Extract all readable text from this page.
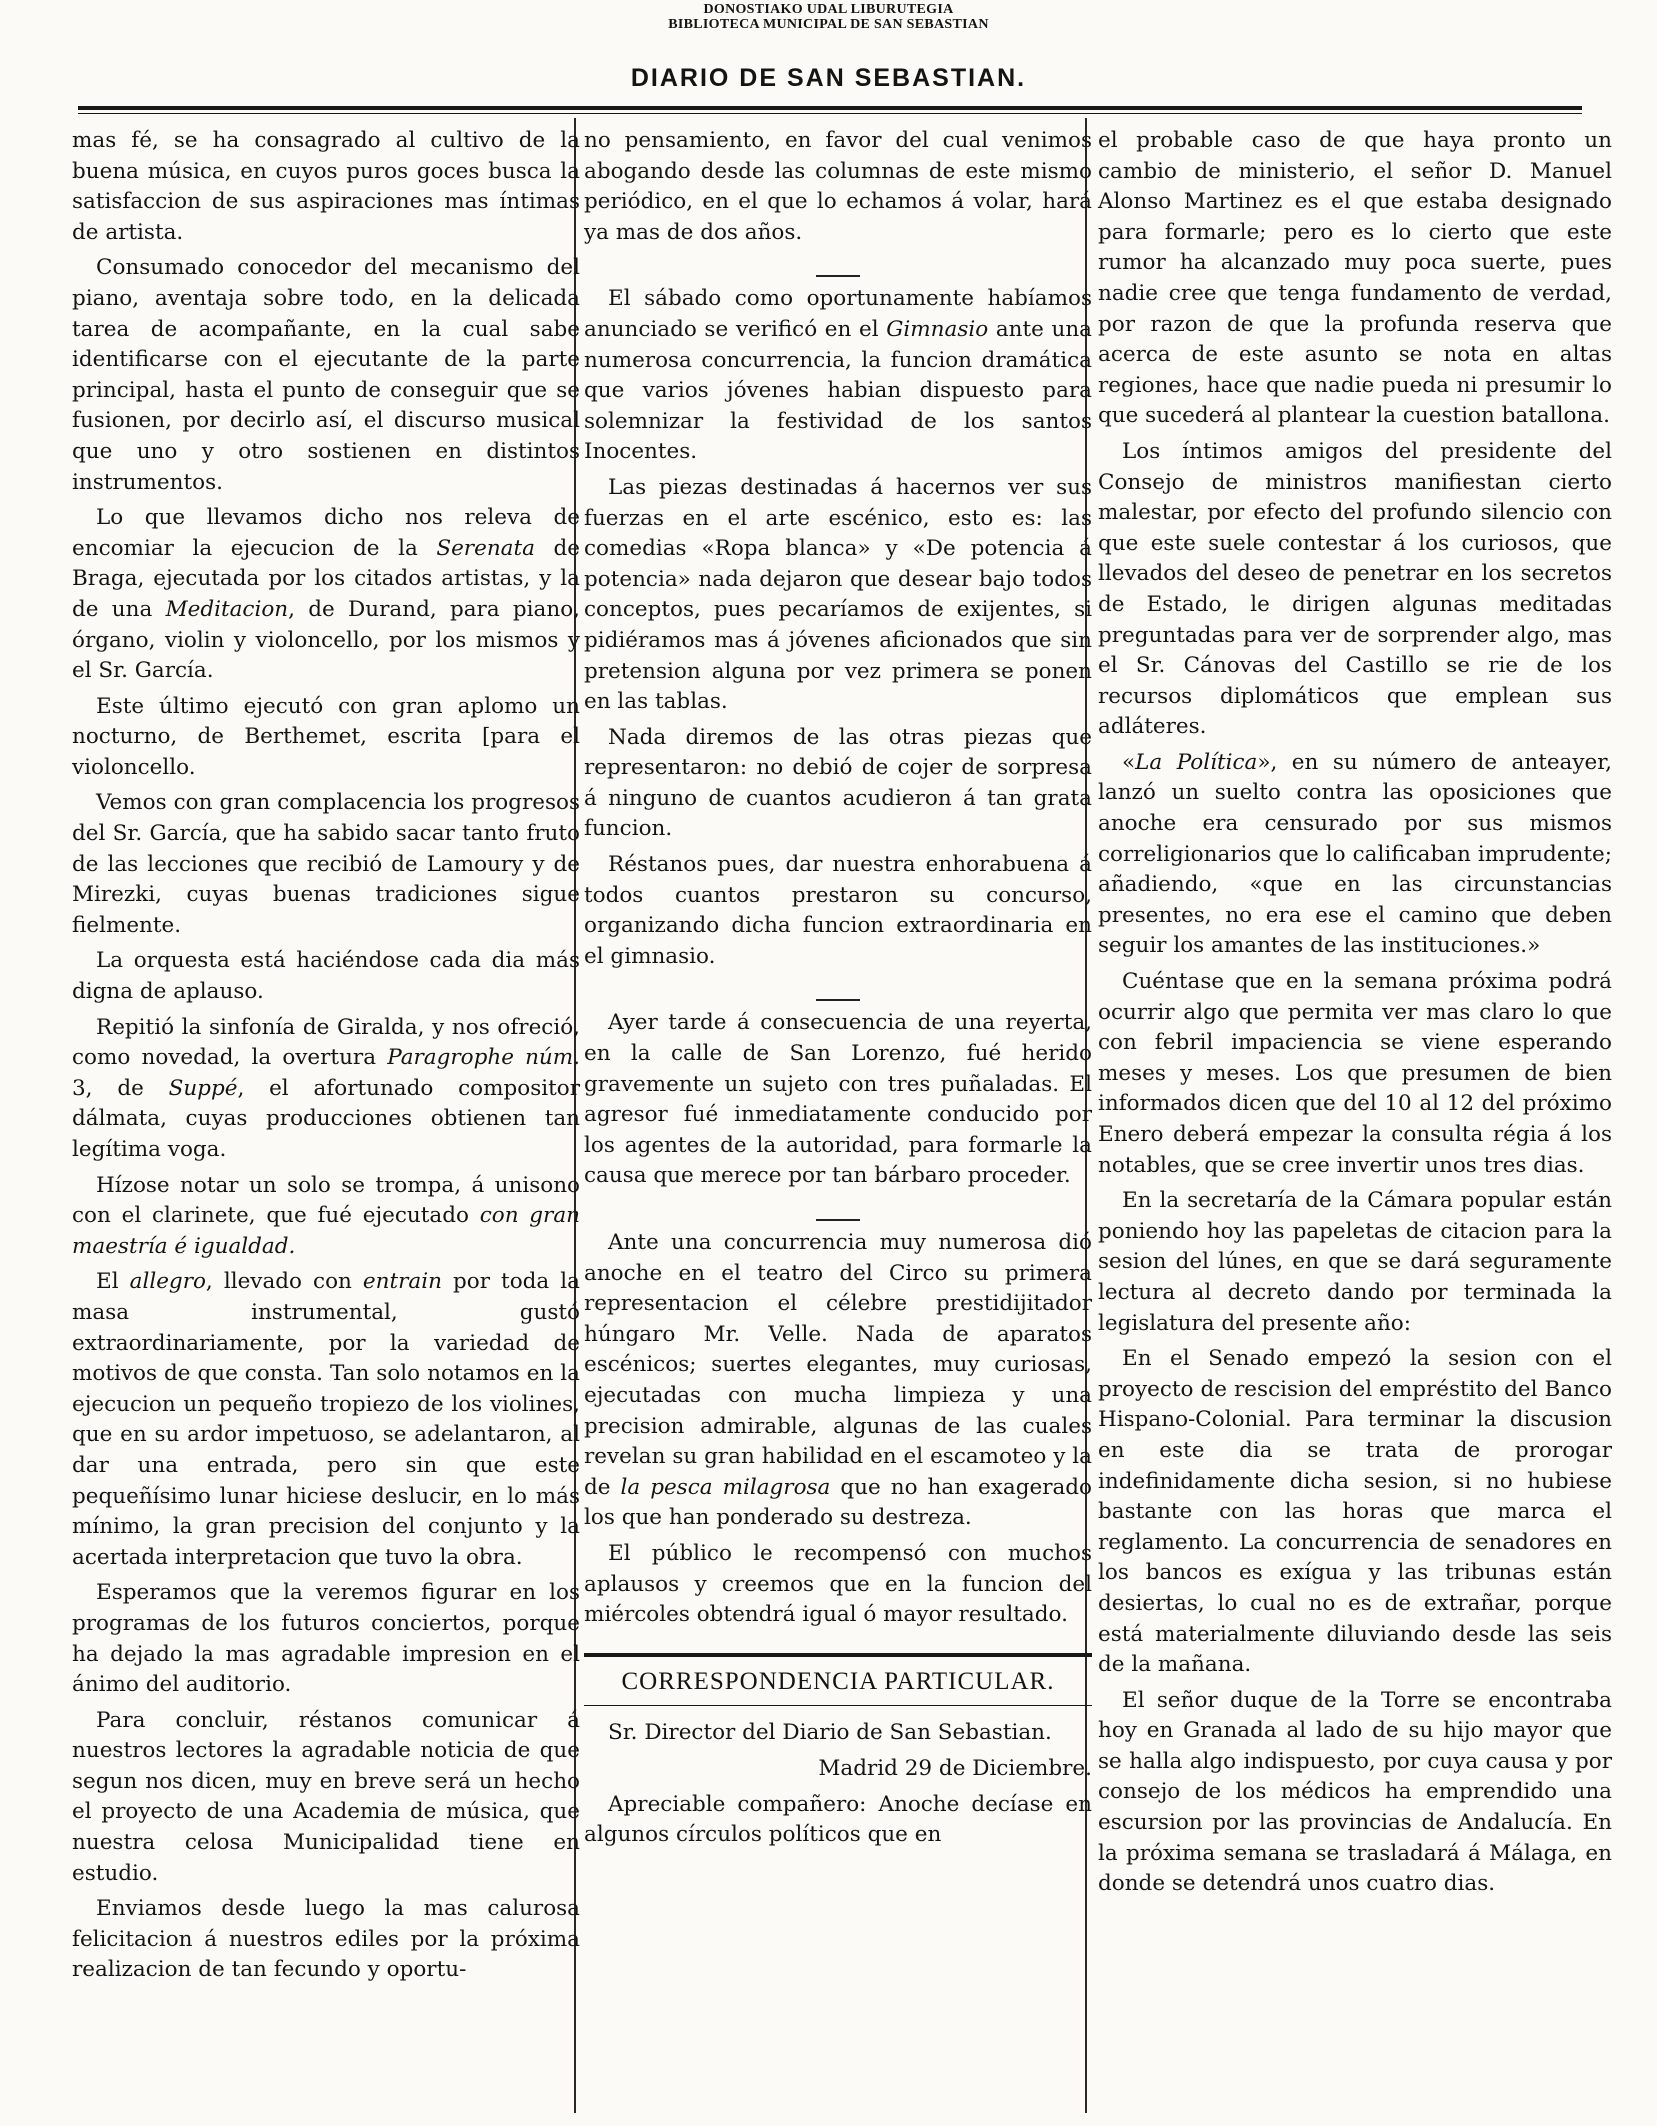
DONOSTIAKO UDAL LIBURUTEGIA
BIBLIOTECA MUNICIPAL DE SAN SEBASTIAN
DIARIO DE SAN SEBASTIAN.

mas fé, se ha consagrado al cultivo de la buena música, en cuyos puros goces busca la satisfaccion de sus aspiraciones mas íntimas de artista.

Consumado conocedor del mecanismo del piano, aventaja sobre todo, en la delicada tarea de acompañante, en la cual sabe identificarse con el ejecutante de la parte principal, hasta el punto de conseguir que se fusionen, por decirlo así, el discurso musical que uno y otro sostienen en distintos instrumentos.

Lo que llevamos dicho nos releva de encomiar la ejecucion de la Serenata de Braga, ejecutada por los citados artistas, y la de una Meditacion, de Durand, para piano, órgano, violin y violoncello, por los mismos y el Sr. García.

Este último ejecutó con gran aplomo un nocturno, de Berthemet, escrita [para el violoncello.

Vemos con gran complacencia los progresos del Sr. García, que ha sabido sacar tanto fruto de las lecciones que recibió de Lamoury y de Mirezki, cuyas buenas tradiciones sigue fielmente.

La orquesta está haciéndose cada dia más digna de aplauso.

Repitió la sinfonía de Giralda, y nos ofreció, como novedad, la overtura Paragrophe núm. 3, de Suppé, el afortunado compositor dálmata, cuyas producciones obtienen tan legítima voga.

Hízose notar un solo se trompa, á unisono con el clarinete, que fué ejecutado con gran maestría é igualdad.

El allegro, llevado con entrain por toda la masa instrumental, gustó extraordinariamente, por la variedad de motivos de que consta. Tan solo notamos en la ejecucion un pequeño tropiezo de los violines, que en su ardor impetuoso, se adelantaron, al dar una entrada, pero sin que este pequeñísimo lunar hiciese deslucir, en lo más mínimo, la gran precision del conjunto y la acertada interpretacion que tuvo la obra.

Esperamos que la veremos figurar en los programas de los futuros conciertos, porque ha dejado la mas agradable impresion en el ánimo del auditorio.

Para concluir, réstanos comunicar á nuestros lectores la agradable noticia de que segun nos dicen, muy en breve será un hecho el proyecto de una Academia de música, que nuestra celosa Municipalidad tiene en estudio.

Enviamos desde luego la mas calurosa felicitacion á nuestros ediles por la próxima realizacion de tan fecundo y oportu-

no pensamiento, en favor del cual venimos abogando desde las columnas de este mismo periódico, en el que lo echamos á volar, hará ya mas de dos años.

El sábado como oportunamente habíamos anunciado se verificó en el Gimnasio ante una numerosa concurrencia, la funcion dramática que varios jóvenes habian dispuesto para solemnizar la festividad de los santos Inocentes.

Las piezas destinadas á hacernos ver sus fuerzas en el arte escénico, esto es: las comedias «Ropa blanca» y «De potencia á potencia» nada dejaron que desear bajo todos conceptos, pues pecaríamos de exijentes, si pidiéramos mas á jóvenes aficionados que sin pretension alguna por vez primera se ponen en las tablas.

Nada diremos de las otras piezas que representaron: no debió de cojer de sorpresa á ninguno de cuantos acudieron á tan grata funcion.

Réstanos pues, dar nuestra enhorabuena á todos cuantos prestaron su concurso, organizando dicha funcion extraordinaria en el gimnasio.

Ayer tarde á consecuencia de una reyerta, en la calle de San Lorenzo, fué herido gravemente un sujeto con tres puñaladas. El agresor fué inmediatamente conducido por los agentes de la autoridad, para formarle la causa que merece por tan bárbaro proceder.

Ante una concurrencia muy numerosa dió anoche en el teatro del Circo su primera representacion el célebre prestidijitador húngaro Mr. Velle. Nada de aparatos escénicos; suertes elegantes, muy curiosas, ejecutadas con mucha limpieza y una precision admirable, algunas de las cuales revelan su gran habilidad en el escamoteo y la de la pesca milagrosa que no han exagerado los que han ponderado su destreza.

El público le recompensó con muchos aplausos y creemos que en la funcion del miércoles obtendrá igual ó mayor resultado.

CORRESPONDENCIA PARTICULAR.

Sr. Director del Diario de San Sebastian.

Madrid 29 de Diciembre.

Apreciable compañero: Anoche decíase en algunos círculos políticos que en

el probable caso de que haya pronto un cambio de ministerio, el señor D. Manuel Alonso Martinez es el que estaba designado para formarle; pero es lo cierto que este rumor ha alcanzado muy poca suerte, pues nadie cree que tenga fundamento de verdad, por razon de que la profunda reserva que acerca de este asunto se nota en altas regiones, hace que nadie pueda ni presumir lo que sucederá al plantear la cuestion batallona.

Los íntimos amigos del presidente del Consejo de ministros manifiestan cierto malestar, por efecto del profundo silencio con que este suele contestar á los curiosos, que llevados del deseo de penetrar en los secretos de Estado, le dirigen algunas meditadas preguntadas para ver de sorprender algo, mas el Sr. Cánovas del Castillo se rie de los recursos diplomáticos que emplean sus adláteres.

«La Política», en su número de anteayer, lanzó un suelto contra las oposiciones que anoche era censurado por sus mismos correligionarios que lo calificaban imprudente; añadiendo, «que en las circunstancias presentes, no era ese el camino que deben seguir los amantes de las instituciones.»

Cuéntase que en la semana próxima podrá ocurrir algo que permita ver mas claro lo que con febril impaciencia se viene esperando meses y meses. Los que presumen de bien informados dicen que del 10 al 12 del próximo Enero deberá empezar la consulta régia á los notables, que se cree invertir unos tres dias.

En la secretaría de la Cámara popular están poniendo hoy las papeletas de citacion para la sesion del lúnes, en que se dará seguramente lectura al decreto dando por terminada la legislatura del presente año:

En el Senado empezó la sesion con el proyecto de rescision del empréstito del Banco Hispano-Colonial. Para terminar la discusion en este dia se trata de prorogar indefinidamente dicha sesion, si no hubiese bastante con las horas que marca el reglamento. La concurrencia de senadores en los bancos es exígua y las tribunas están desiertas, lo cual no es de extrañar, porque está materialmente diluviando desde las seis de la mañana.

El señor duque de la Torre se encontraba hoy en Granada al lado de su hijo mayor que se halla algo indispuesto, por cuya causa y por consejo de los médicos ha emprendido una escursion por las provincias de Andalucía. En la próxima semana se trasladará á Málaga, en donde se detendrá unos cuatro dias.
